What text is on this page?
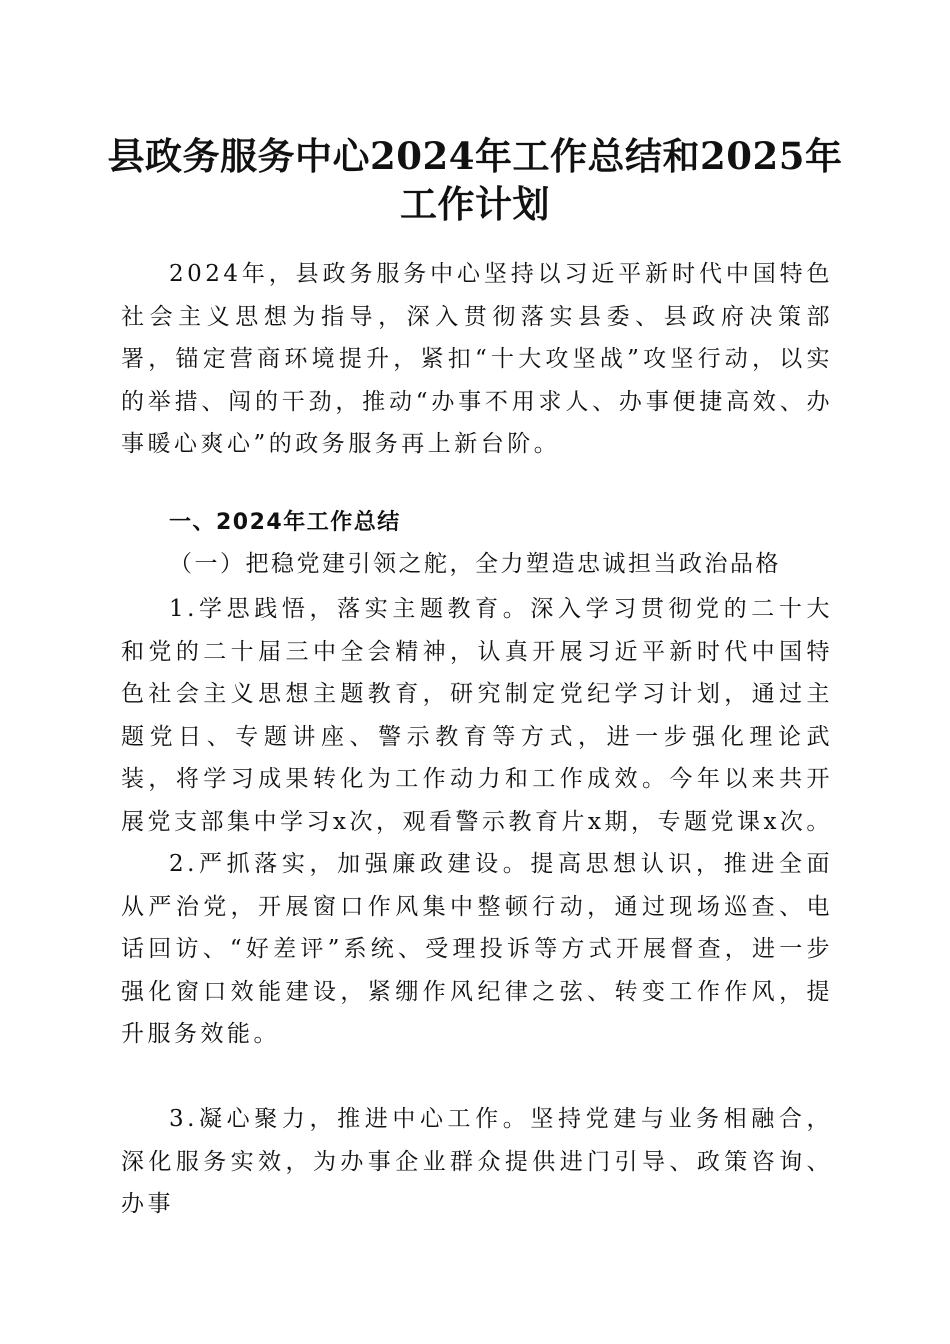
县政务服务中心2024年工作总结和2025年工作计划

2024年，县政务服务中心坚持以习近平新时代中国特色社会主义思想为指导，深入贯彻落实县委、县政府决策部署，锚定营商环境提升，紧扣“十大攻坚战”攻坚行动，以实的举措、闯的干劲，推动“办事不用求人、办事便捷高效、办事暖心爽心”的政务服务再上新台阶。

一、2024年工作总结
（一）把稳党建引领之舵，全力塑造忠诚担当政治品格

1.学思践悟，落实主题教育。深入学习贯彻党的二十大和党的二十届三中全会精神，认真开展习近平新时代中国特色社会主义思想主题教育，研究制定党纪学习计划，通过主题党日、专题讲座、警示教育等方式，进一步强化理论武装，将学习成果转化为工作动力和工作成效。今年以来共开展党支部集中学习x次，观看警示教育片x期，专题党课x次。

2.严抓落实，加强廉政建设。提高思想认识，推进全面从严治党，开展窗口作风集中整顿行动，通过现场巡查、电话回访、“好差评”系统、受理投诉等方式开展督查，进一步强化窗口效能建设，紧绷作风纪律之弦、转变工作作风，提升服务效能。

3.凝心聚力，推进中心工作。坚持党建与业务相融合，深化服务实效，为办事企业群众提供进门引导、政策咨询、办事
